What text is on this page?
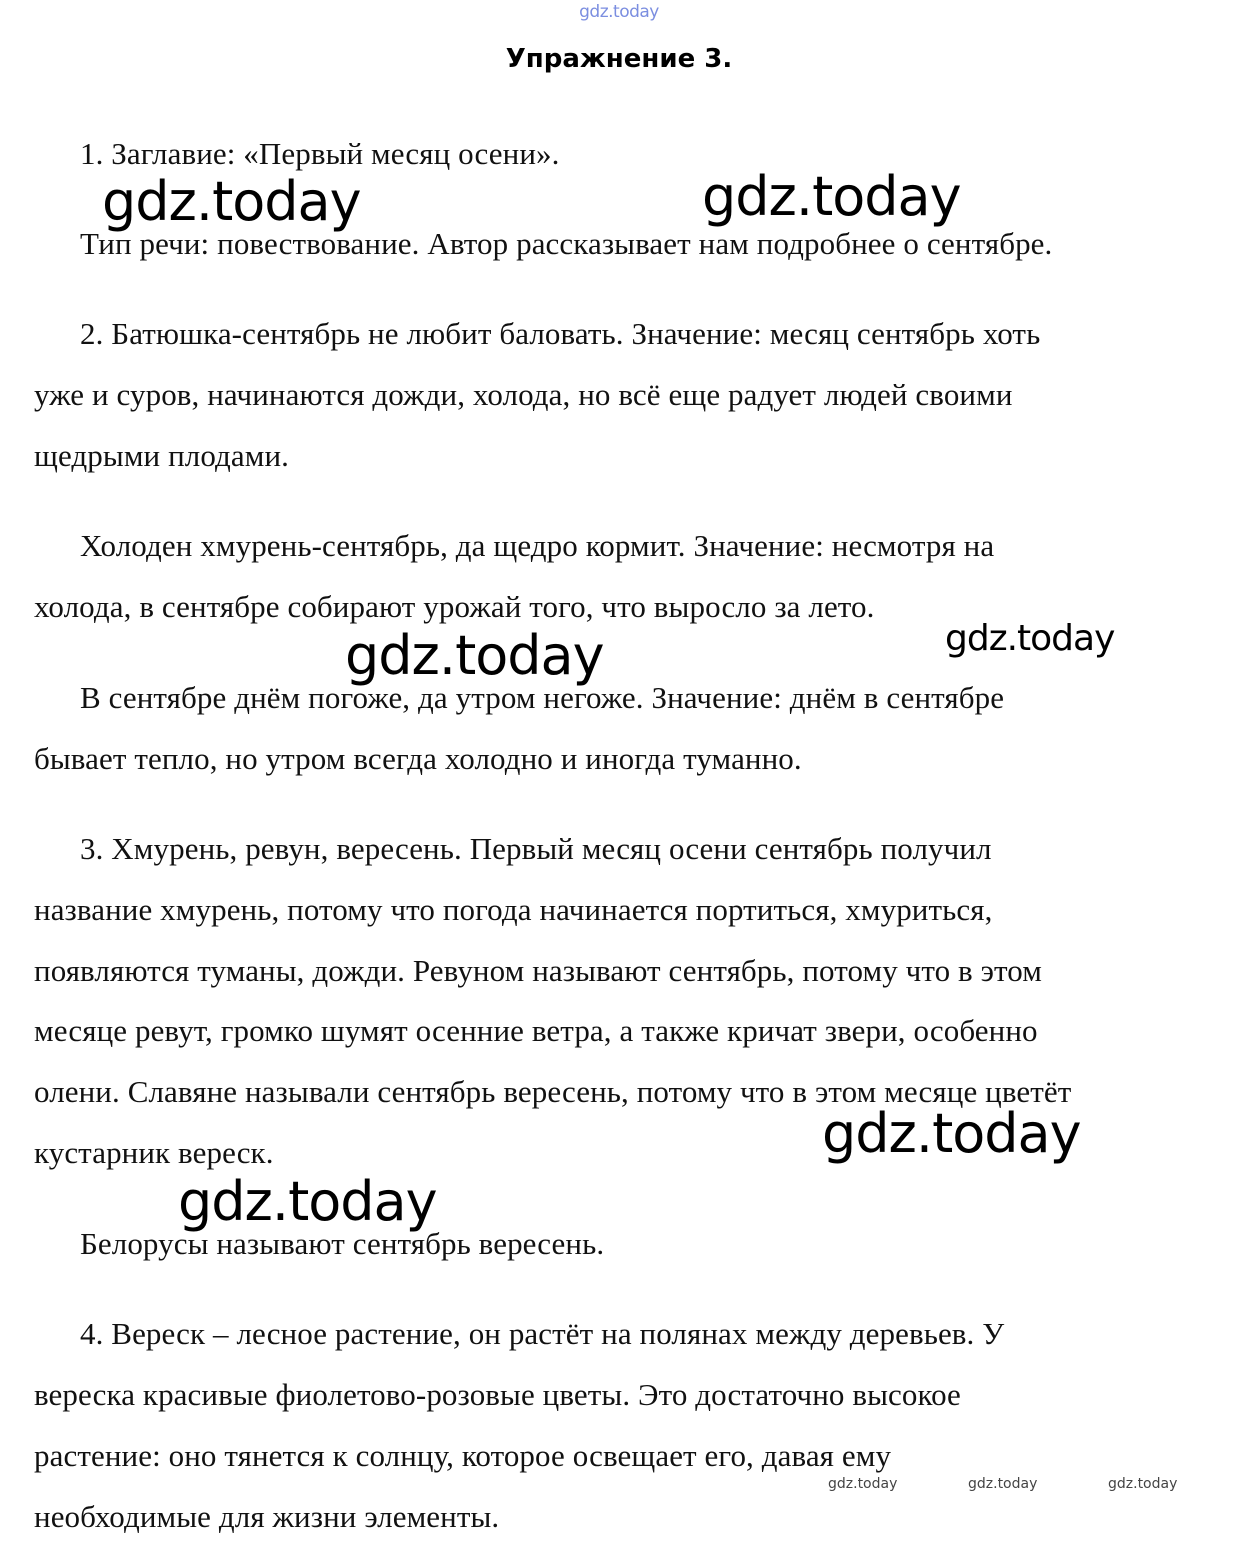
gdz.today
Упражнение 3.
1. Заглавие: «Первый месяц осени».
Тип речи: повествование. Автор рассказывает нам подробнее о сентябре.
2. Батюшка-сентябрь не любит баловать. Значение: месяц сентябрь хоть
уже и суров, начинаются дожди, холода, но всё еще радует людей своими
щедрыми плодами.
Холоден хмурень-сентябрь, да щедро кормит. Значение: несмотря на
холода, в сентябре собирают урожай того, что выросло за лето.
В сентябре днём погоже, да утром негоже. Значение: днём в сентябре
бывает тепло, но утром всегда холодно и иногда туманно.
3. Хмурень, ревун, вересень. Первый месяц осени сентябрь получил
название хмурень, потому что погода начинается портиться, хмуриться,
появляются туманы, дожди. Ревуном называют сентябрь, потому что в этом
месяце ревут, громко шумят осенние ветра, а также кричат звери, особенно
олени. Славяне называли сентябрь вересень, потому что в этом месяце цветёт
кустарник вереск.
Белорусы называют сентябрь вересень.
4. Вереск – лесное растение, он растёт на полянах между деревьев. У
вереска красивые фиолетово-розовые цветы. Это достаточно высокое
растение: оно тянется к солнцу, которое освещает его, давая ему
необходимые для жизни элементы.
gdz.today	gdz.today
gdz.today
gdz.today
gdz.today
gdz.today
gdz.today	gdz.today	gdz.today
